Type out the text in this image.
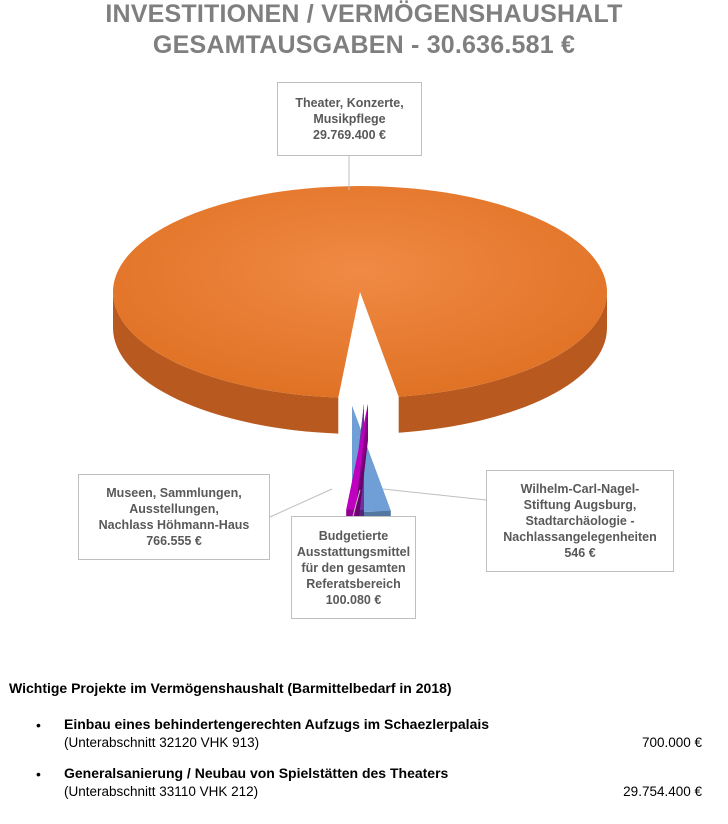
INVESTITIONEN / VERMÖGENSHAUSHALT
GESAMTAUSGABEN - 30.636.581 €
Theater, Konzerte,
Musikpflege
29.769.400 €
Museen, Sammlungen,
Ausstellungen,
Nachlass Höhmann-Haus
766.555 €	Budgetierte
Ausstattungsmittel
für den gesamten
Referatsbereich
100.080 €
Wilhelm-Carl-Nagel-
Stiftung Augsburg,
Stadtarchäologie -
Nachlassangelegenheiten
546 €
Wichtige Projekte im Vermögenshaushalt (Barmittelbedarf in 2018)
• Einbau eines behindertengerechten Aufzugs im Schaezlerpalais
(Unterabschnitt 32120 VHK 913)	700.000 €
• Generalsanierung / Neubau von Spielstätten des Theaters
(Unterabschnitt 33110 VHK 212)	29.754.400 €
